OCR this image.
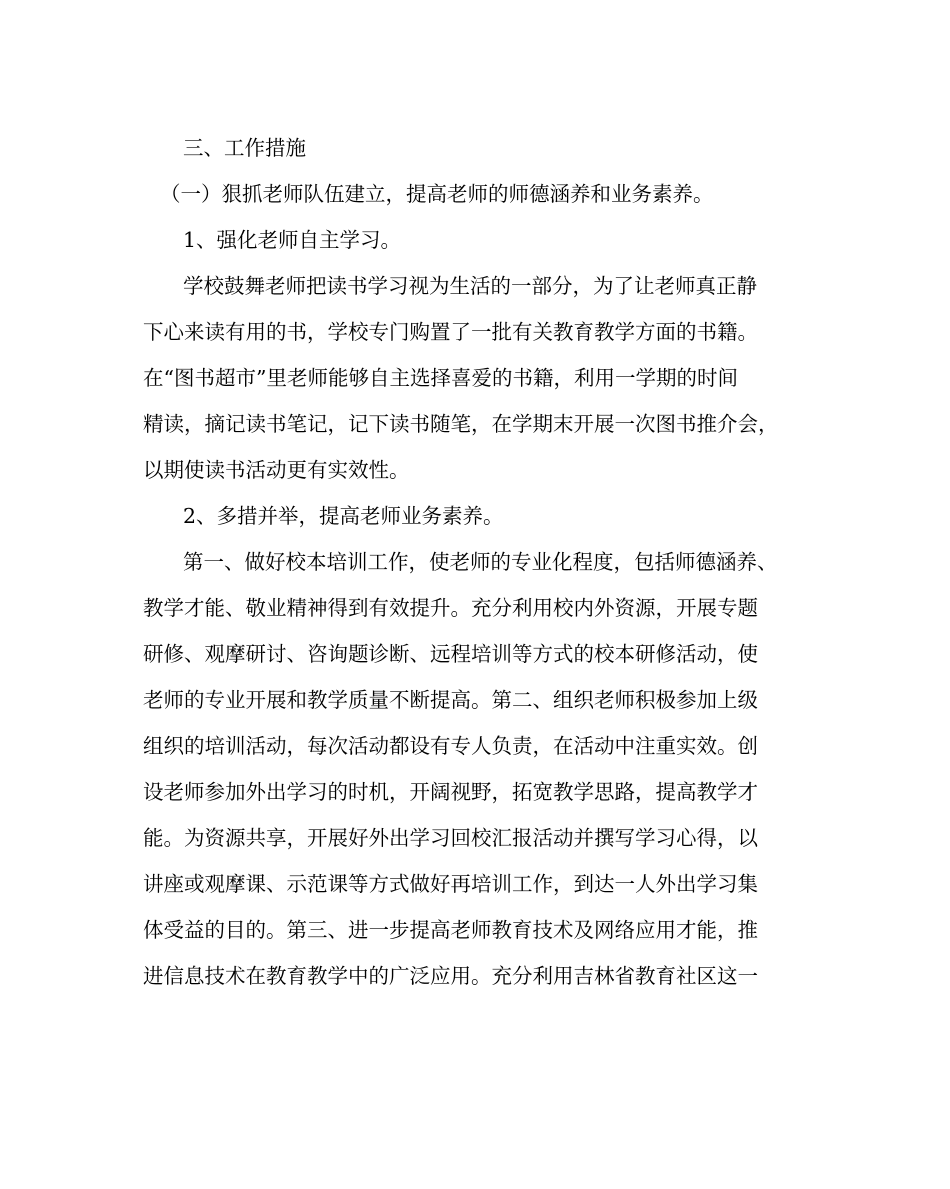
三、工作措施
（一）狠抓老师队伍建立，提高老师的师德涵养和业务素养。
1、强化老师自主学习。
学校鼓舞老师把读书学习视为生活的一部分，为了让老师真正静
下心来读有用的书，学校专门购置了一批有关教育教学方面的书籍。
在“图书超市”里老师能够自主选择喜爱的书籍，利用一学期的时间
精读，摘记读书笔记，记下读书随笔，在学期末开展一次图书推介会，
以期使读书活动更有实效性。
2、多措并举，提高老师业务素养。
第一、做好校本培训工作，使老师的专业化程度，包括师德涵养、
教学才能、敬业精神得到有效提升。充分利用校内外资源，开展专题
研修、观摩研讨、咨询题诊断、远程培训等方式的校本研修活动，使
老师的专业开展和教学质量不断提高。第二、组织老师积极参加上级
组织的培训活动，每次活动都设有专人负责，在活动中注重实效。创
设老师参加外出学习的时机，开阔视野，拓宽教学思路，提高教学才
能。为资源共享，开展好外出学习回校汇报活动并撰写学习心得，以
讲座或观摩课、示范课等方式做好再培训工作，到达一人外出学习集
体受益的目的。第三、进一步提高老师教育技术及网络应用才能，推
进信息技术在教育教学中的广泛应用。充分利用吉林省教育社区这一
